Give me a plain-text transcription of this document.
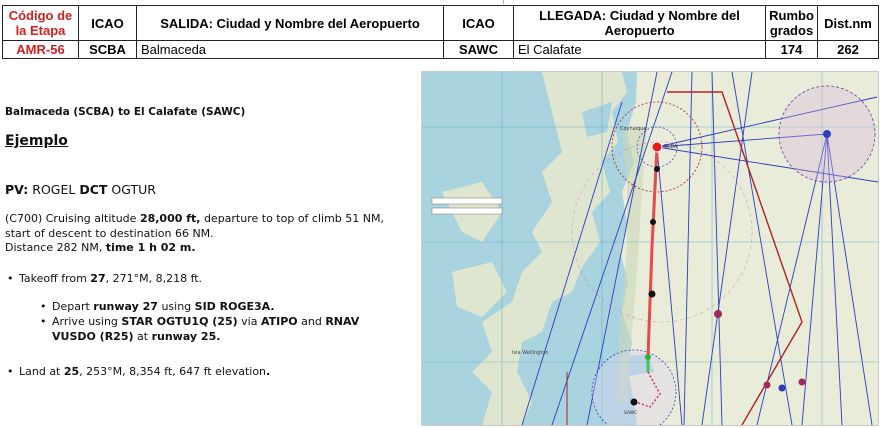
Código de la Etapa	ICAO	SALIDA: Ciudad y Nombre del Aeropuerto	ICAO	LLEGADA: Ciudad y Nombre del Aeropuerto	Rumbo grados	Dist.nm
AMR-56	SCBA	Balmaceda	SAWC	El Calafate	174	262
Balmaceda (SCBA) to El Calafate (SAWC)
Ejemplo
PV: ROGEL DCT OGTUR
(C700) Cruising altitude 28,000 ft, departure to top of climb 51 NM, start of descent to destination 66 NM.
Distance 282 NM, time 1 h 02 m.
• Takeoff from 27, 271°M, 8,218 ft.
• Depart runway 27 using SID ROGE3A.
• Arrive using STAR OGTU1Q (25) via ATIPO and RNAV VUSDO (R25) at runway 25.
• Land at 25, 253°M, 8,354 ft, 647 ft elevation.
SCBA
Coyhaique
Isla Wellington
SAWC
